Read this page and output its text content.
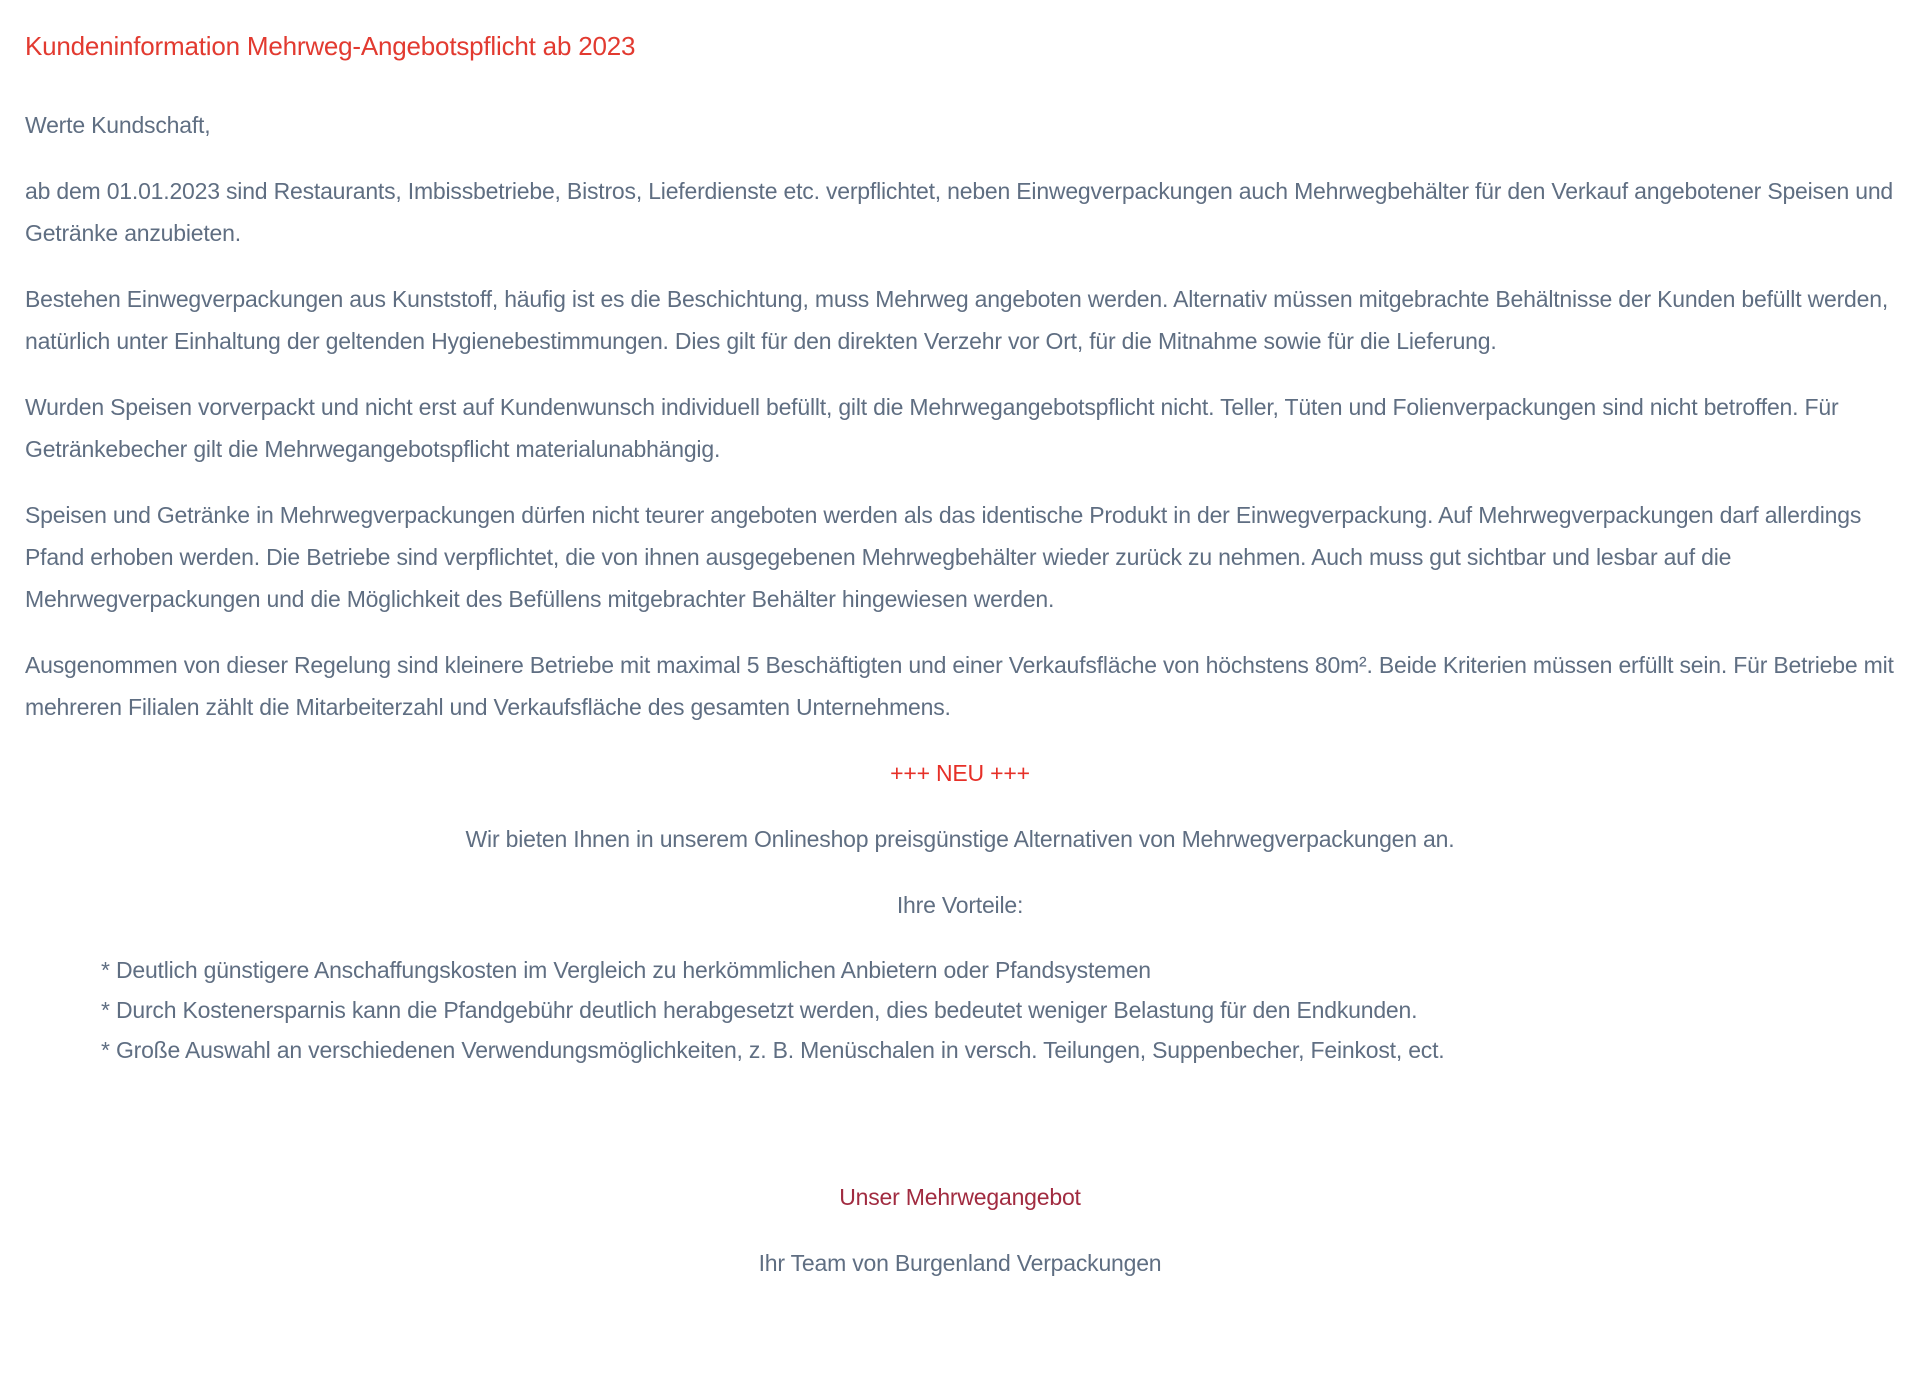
Kundeninformation Mehrweg-Angebotspflicht ab 2023

Werte Kundschaft,

ab dem 01.01.2023 sind Restaurants, Imbissbetriebe, Bistros, Lieferdienste etc. verpflichtet, neben Einwegverpackungen auch Mehrwegbehälter für den Verkauf angebotener Speisen und Getränke anzubieten.

Bestehen Einwegverpackungen aus Kunststoff, häufig ist es die Beschichtung, muss Mehrweg angeboten werden. Alternativ müssen mitgebrachte Behältnisse der Kunden befüllt werden, natürlich unter Einhaltung der geltenden Hygienebestimmungen. Dies gilt für den direkten Verzehr vor Ort, für die Mitnahme sowie für die Lieferung.

Wurden Speisen vorverpackt und nicht erst auf Kundenwunsch individuell befüllt, gilt die Mehrwegangebotspflicht nicht. Teller, Tüten und Folienverpackungen sind nicht betroffen. Für Getränkebecher gilt die Mehrwegangebotspflicht materialunabhängig.

Speisen und Getränke in Mehrwegverpackungen dürfen nicht teurer angeboten werden als das identische Produkt in der Einwegverpackung. Auf Mehrwegverpackungen darf allerdings Pfand erhoben werden. Die Betriebe sind verpflichtet, die von ihnen ausgegebenen Mehrwegbehälter wieder zurück zu nehmen. Auch muss gut sichtbar und lesbar auf die Mehrwegverpackungen und die Möglichkeit des Befüllens mitgebrachter Behälter hingewiesen werden.

Ausgenommen von dieser Regelung sind kleinere Betriebe mit maximal 5 Beschäftigten und einer Verkaufsfläche von höchstens 80m². Beide Kriterien müssen erfüllt sein. Für Betriebe mit mehreren Filialen zählt die Mitarbeiterzahl und Verkaufsfläche des gesamten Unternehmens.

+++ NEU +++

Wir bieten Ihnen in unserem Onlineshop preisgünstige Alternativen von Mehrwegverpackungen an.

Ihre Vorteile:

* Deutlich günstigere Anschaffungskosten im Vergleich zu herkömmlichen Anbietern oder Pfandsystemen
* Durch Kostenersparnis kann die Pfandgebühr deutlich herabgesetzt werden, dies bedeutet weniger Belastung für den Endkunden.
* Große Auswahl an verschiedenen Verwendungsmöglichkeiten, z. B. Menüschalen in versch. Teilungen, Suppenbecher, Feinkost, ect.

Unser Mehrwegangebot

Ihr Team von Burgenland Verpackungen
